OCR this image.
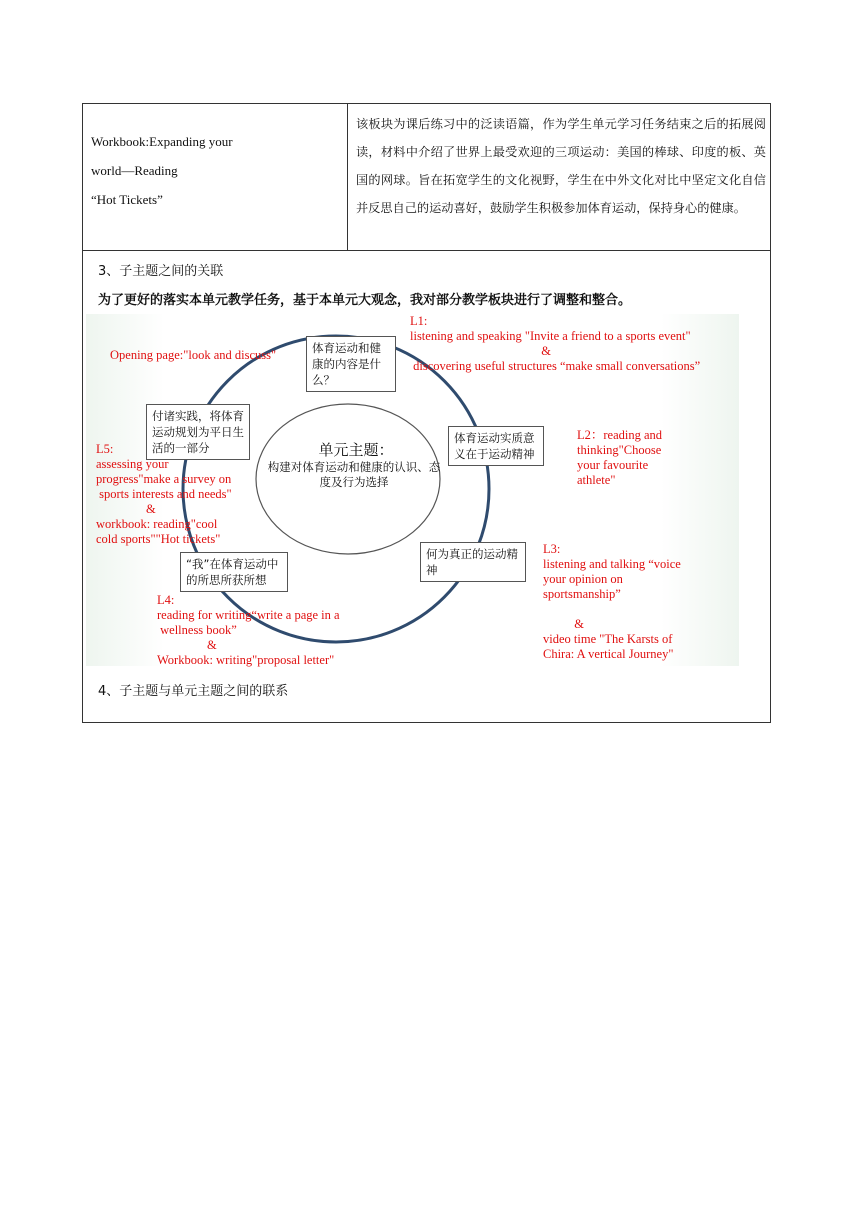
Workbook:Expanding your
world—Reading
“Hot Tickets”
该板块为课后练习中的泛读语篇，作为学生单元学习任务结束之后的拓展阅读，材料中介绍了世界上最受欢迎的三项运动：美国的棒球、印度的板、英国的网球。旨在拓宽学生的文化视野，学生在中外文化对比中坚定文化自信并反思自己的运动喜好，鼓励学生积极参加体育运动，保持身心的健康。
3、子主题之间的关联
为了更好的落实本单元教学任务，基于本单元大观念，我对部分教学板块进行了调整和整合。
单元主题：
构建对体育运动和健康的认识、态度及行为选择
体育运动和健康的内容是什么？
体育运动实质意义在于运动精神
何为真正的运动精神
“我”在体育运动中的所思所获所想
付诸实践，将体育运动规划为平日生活的一部分
Opening page:"look and discuss"
L1:
listening and speaking "Invite a friend to a sports event"
&
discovering useful structures “make small conversations”
L2：reading and
thinking"Choose
your favourite
athlete"
L3:
listening and talking “voice
your opinion on
sportsmanship”

&
video time "The Karsts of
Chira: A vertical Journey"
L4:
reading for writing“write a page in a
wellness book”
&
Workbook: writing"proposal letter"
L5:
assessing your
progress"make a survey on
sports interests and needs"
&
workbook: reading"cool
cold sports""Hot tickets"
4、子主题与单元主题之间的联系
